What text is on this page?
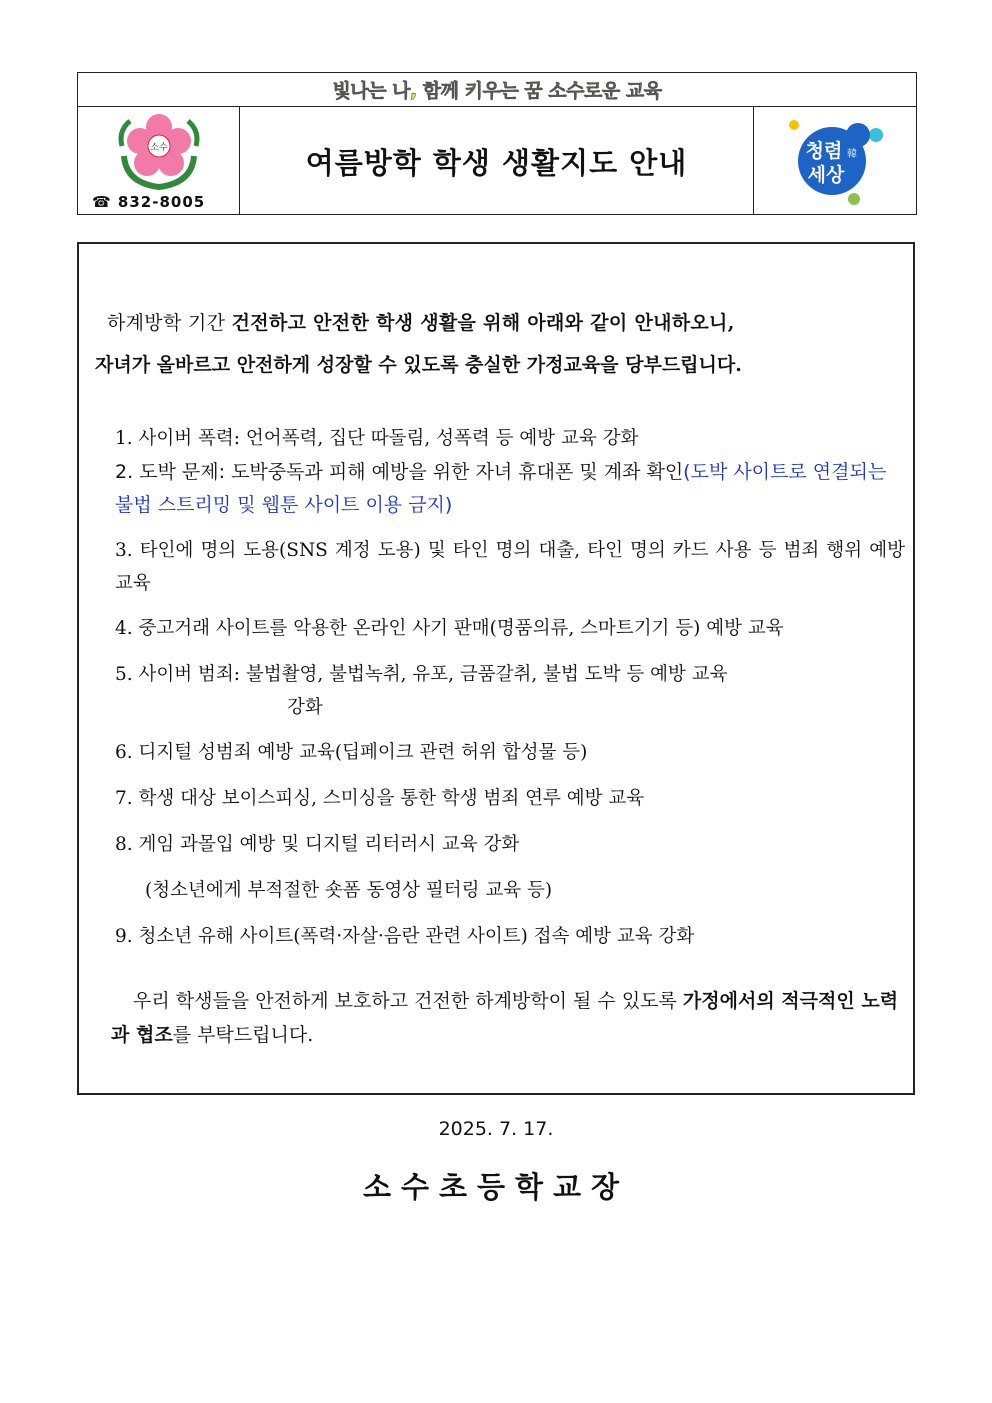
빛 나는 나, 함께 키우는 꿈
소수 로운 교육
소수
☎ 832-8005
여름방학 학생 생활지도 안내	청렴
세상
韓
하계방학 기간 건전하고 안전한 학생 생활을 위해 아래와 같이 안내하오니,
자녀가 올바르고 안전하게 성장할 수 있도록 충실한 가정교육을 당부드립니다.
1. 사이버 폭력: 언어폭력, 집단 따돌림, 성폭력 등 예방 교육 강화
2. 도박 문제: 도박중독과 피해 예방을 위한 자녀 휴대폰 및 계좌 확인(도박 사이트로 연결되는 불법 스트리밍 및 웹툰 사이트 이용 금지)
3. 타인에 명의 도용(SNS 계정 도용) 및 타인 명의 대출, 타인 명의 카드 사용 등 범죄 행위 예방 교육
4. 중고거래 사이트를 악용한 온라인 사기 판매(명품의류, 스마트기기 등) 예방 교육
5. 사이버 범죄: 불법촬영, 불법녹취, 유포, 금품갈취, 불법 도박 등 예방 교육
강화
6. 디지털 성범죄 예방 교육(딥페이크 관련 허위 합성물 등)
7. 학생 대상 보이스피싱, 스미싱을 통한 학생 범죄 연루 예방 교육
8. 게임 과몰입 예방 및 디지털 리터러시 교육 강화
(청소년에게 부적절한 숏폼 동영상 필터링 교육 등)
9. 청소년 유해 사이트(폭력·자살·음란 관련 사이트) 접속 예방 교육 강화
우리 학생들을 안전하게 보호하고 건전한 하계방학이 될 수 있도록 가정에서의 적극적인 노력과 협조를 부탁드립니다.
2025. 7. 17.
소수초등학교장
